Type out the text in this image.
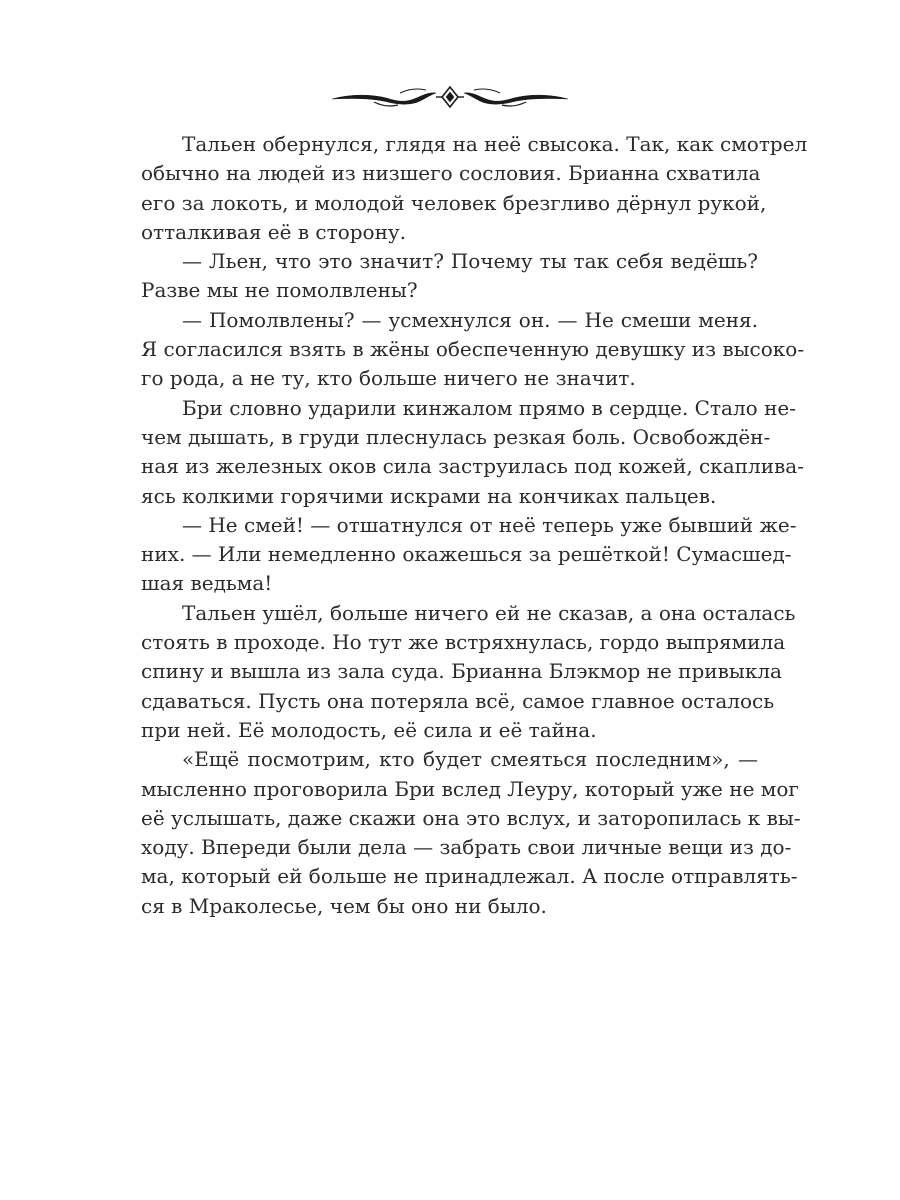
Тальен обернулся, глядя на неё свысока. Так, как смотрел
обычно на людей из низшего сословия. Брианна схватила
его за локоть, и молодой человек брезгливо дёрнул рукой,
отталкивая её в сторону.
— Льен, что это значит? Почему ты так себя ведёшь?
Разве мы не помолвлены?
— Помолвлены? — усмехнулся он. — Не смеши меня.
Я согласился взять в жёны обеспеченную девушку из высоко-
го рода, а не ту, кто больше ничего не значит.
Бри словно ударили кинжалом прямо в сердце. Стало не-
чем дышать, в груди плеснулась резкая боль. Освобождён-
ная из железных оков сила заструилась под кожей, скаплива-
ясь колкими горячими искрами на кончиках пальцев.
— Не смей! — отшатнулся от неё теперь уже бывший же-
них. — Или немедленно окажешься за решёткой! Сумасшед-
шая ведьма!
Тальен ушёл, больше ничего ей не сказав, а она осталась
стоять в проходе. Но тут же встряхнулась, гордо выпрямила
спину и вышла из зала суда. Брианна Блэкмор не привыкла
сдаваться. Пусть она потеряла всё, самое главное осталось
при ней. Её молодость, её сила и её тайна.
«Ещё посмотрим, кто будет смеяться последним», —
мысленно проговорила Бри вслед Леуру, который уже не мог
её услышать, даже скажи она это вслух, и заторопилась к вы-
ходу. Впереди были дела — забрать свои личные вещи из до-
ма, который ей больше не принадлежал. А после отправлять-
ся в Мраколесье, чем бы оно ни было.
